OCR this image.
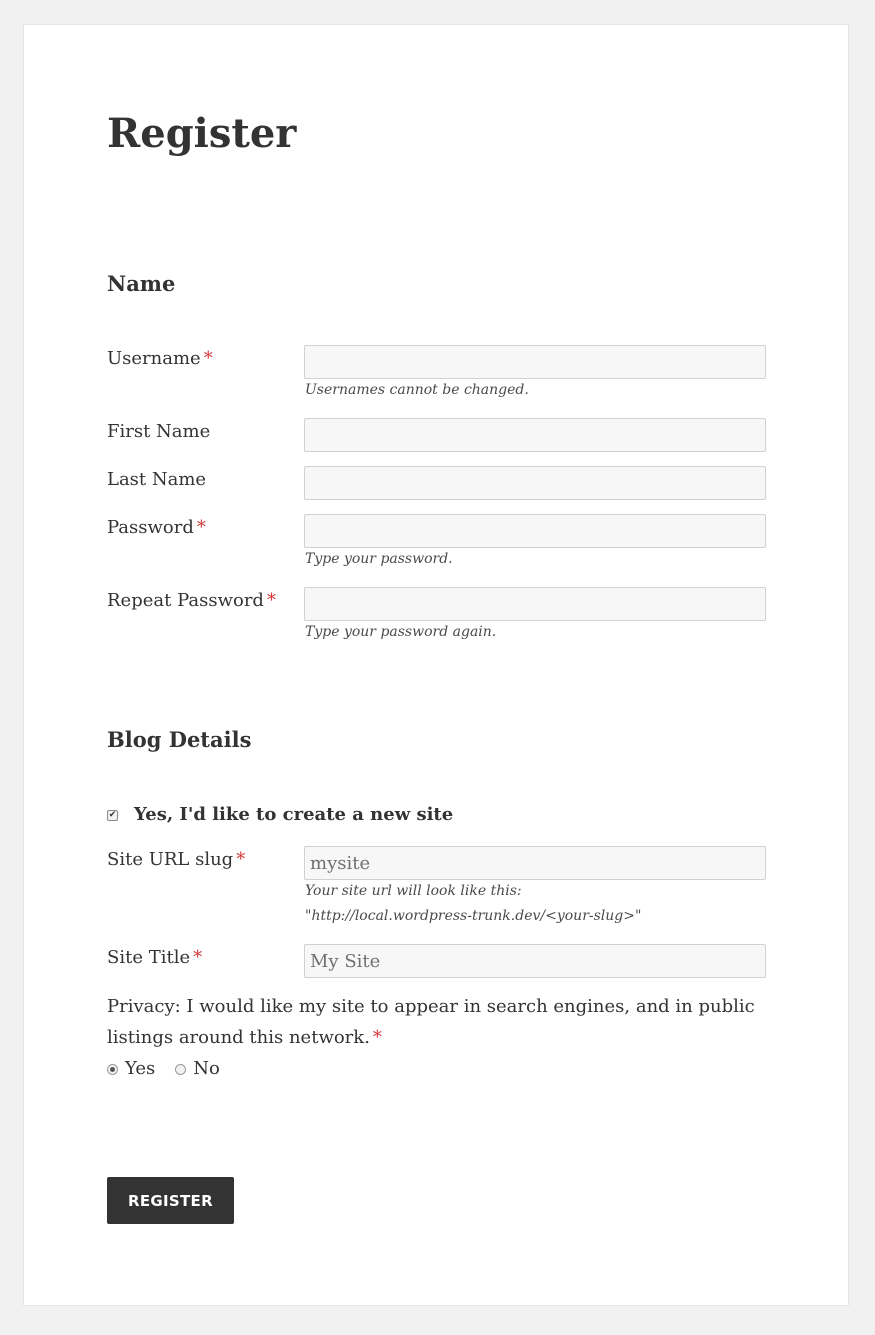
Register
Name
Username *
Usernames cannot be changed.
First Name
Last Name
Password *
Type your password.
Repeat Password *
Type your password again.
Blog Details
✔ Yes, I'd like to create a new site
Site URL slug *
mysite
Your site url will look like this:
"http://local.wordpress-trunk.dev/<your-slug>"
Site Title *
My Site
Privacy: I would like my site to appear in search engines, and in public listings around this network. *
Yes No
REGISTER
